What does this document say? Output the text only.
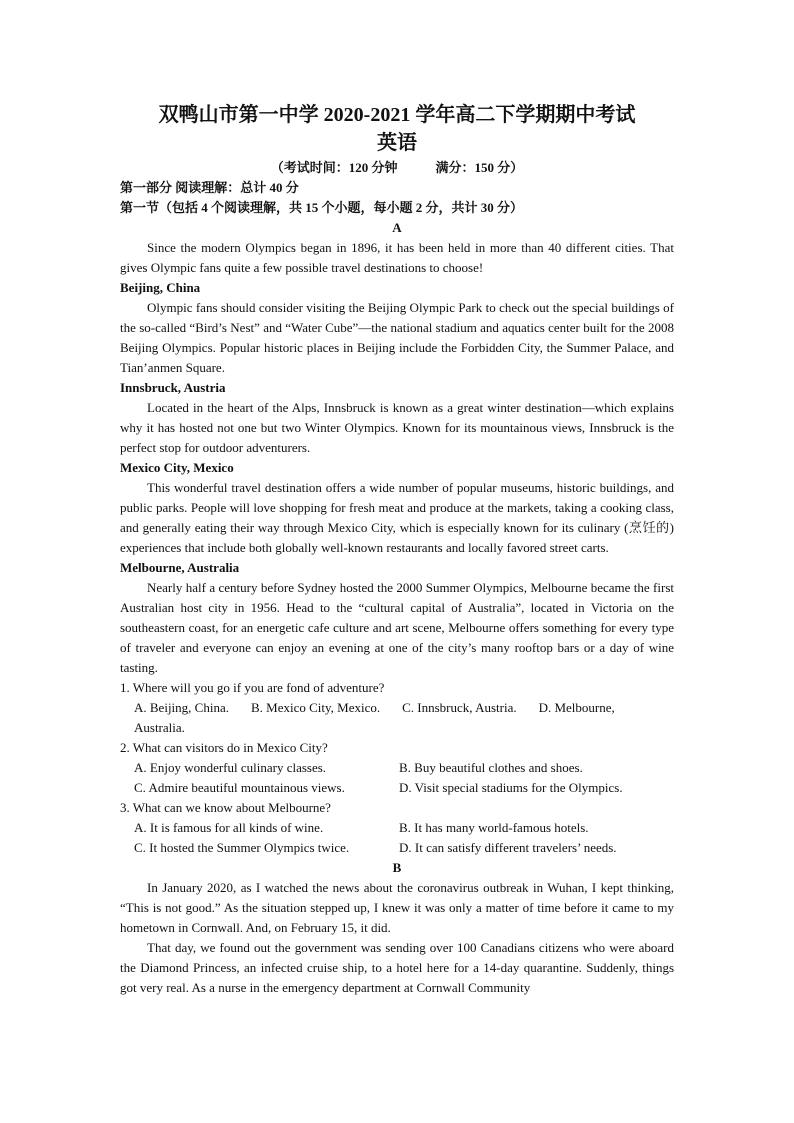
双鸭山市第一中学 2020-2021 学年高二下学期期中考试
英语
（考试时间：120 分钟	满分：150 分）
第一部分 阅读理解：总计 40 分
第一节（包括 4 个阅读理解，共 15 个小题，每小题 2 分，共计 30 分）
A

Since the modern Olympics began in 1896, it has been held in more than 40 different cities. That gives Olympic fans quite a few possible travel destinations to choose!

Beijing, China

Olympic fans should consider visiting the Beijing Olympic Park to check out the special buildings of the so-called “Bird’s Nest” and “Water Cube”—the national stadium and aquatics center built for the 2008 Beijing Olympics. Popular historic places in Beijing include the Forbidden City, the Summer Palace, and Tian’anmen Square.

Innsbruck, Austria

Located in the heart of the Alps, Innsbruck is known as a great winter destination—which explains why it has hosted not one but two Winter Olympics. Known for its mountainous views, Innsbruck is the perfect stop for outdoor adventurers.

Mexico City, Mexico

This wonderful travel destination offers a wide number of popular museums, historic buildings, and public parks. People will love shopping for fresh meat and produce at the markets, taking a cooking class, and generally eating their way through Mexico City, which is especially known for its culinary (烹饪的) experiences that include both globally well-known restaurants and locally favored street carts.

Melbourne, Australia

Nearly half a century before Sydney hosted the 2000 Summer Olympics, Melbourne became the first Australian host city in 1956. Head to the “cultural capital of Australia”, located in Victoria on the southeastern coast, for an energetic cafe culture and art scene, Melbourne offers something for every type of traveler and everyone can enjoy an evening at one of the city’s many rooftop bars or a day of wine tasting.

1. Where will you go if you are fond of adventure?
A. Beijing, China. B. Mexico City, Mexico. C. Innsbruck, Austria. D. Melbourne, Australia.
2. What can visitors do in Mexico City?
A. Enjoy wonderful culinary classes.	B. Buy beautiful clothes and shoes.
C. Admire beautiful mountainous views.	D. Visit special stadiums for the Olympics.
3. What can we know about Melbourne?
A. It is famous for all kinds of wine.	B. It has many world-famous hotels.
C. It hosted the Summer Olympics twice.	D. It can satisfy different travelers’ needs.
B

In January 2020, as I watched the news about the coronavirus outbreak in Wuhan, I kept thinking, “This is not good.” As the situation stepped up, I knew it was only a matter of time before it came to my hometown in Cornwall. And, on February 15, it did.

That day, we found out the government was sending over 100 Canadians citizens who were aboard the Diamond Princess, an infected cruise ship, to a hotel here for a 14-day quarantine. Suddenly, things got very real. As a nurse in the emergency department at Cornwall Community
